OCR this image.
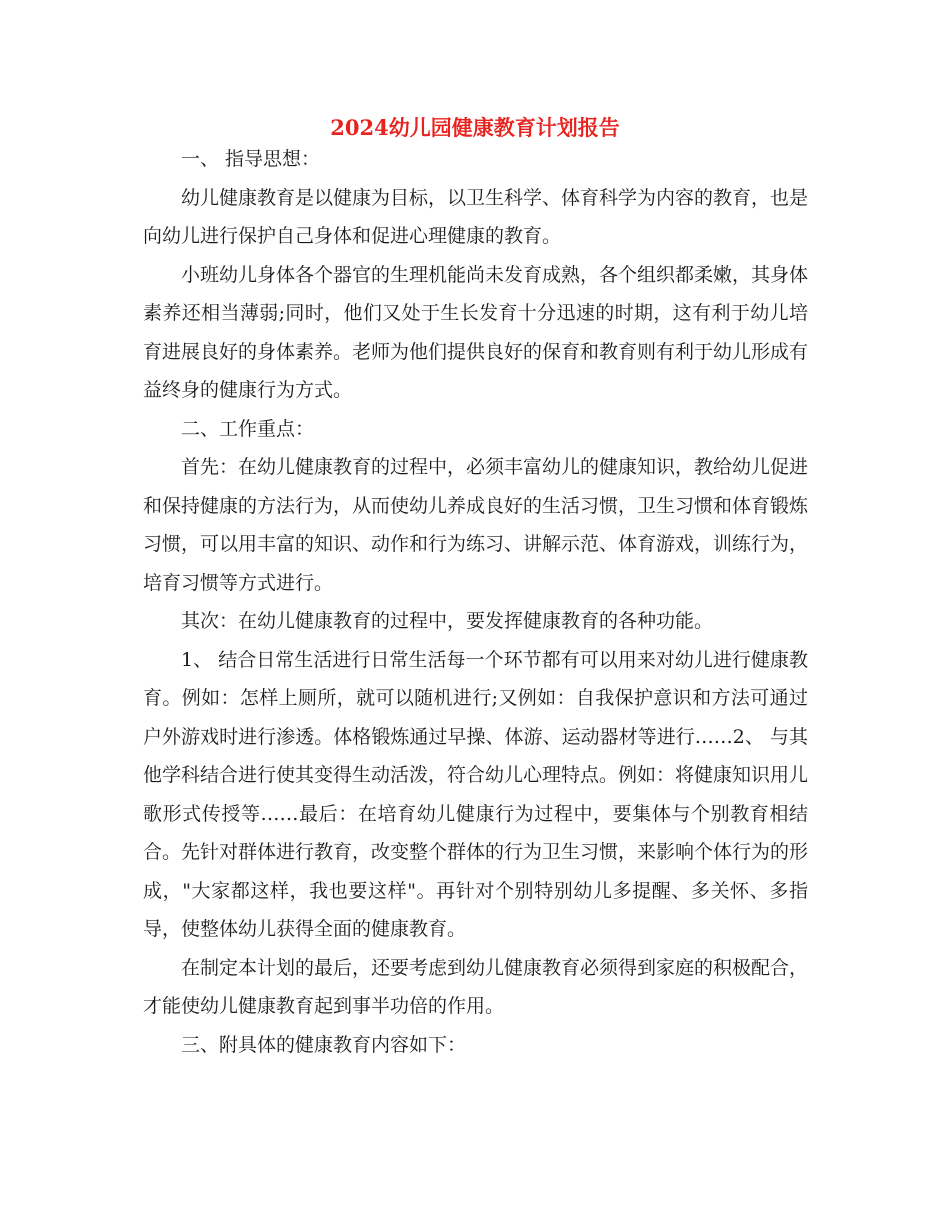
2024幼儿园健康教育计划报告

一、 指导思想：

幼儿健康教育是以健康为目标，以卫生科学、体育科学为内容的教育，也是向幼儿进行保护自己身体和促进心理健康的教育。

小班幼儿身体各个器官的生理机能尚未发育成熟，各个组织都柔嫩，其身体素养还相当薄弱;同时，他们又处于生长发育十分迅速的时期，这有利于幼儿培育进展良好的身体素养。老师为他们提供良好的保育和教育则有利于幼儿形成有益终身的健康行为方式。

二、工作重点：

首先：在幼儿健康教育的过程中，必须丰富幼儿的健康知识，教给幼儿促进和保持健康的方法行为，从而使幼儿养成良好的生活习惯，卫生习惯和体育锻炼习惯，可以用丰富的知识、动作和行为练习、讲解示范、体育游戏，训练行为，培育习惯等方式进行。

其次：在幼儿健康教育的过程中，要发挥健康教育的各种功能。

1、 结合日常生活进行日常生活每一个环节都有可以用来对幼儿进行健康教育。例如：怎样上厕所，就可以随机进行;又例如：自我保护意识和方法可通过户外游戏时进行渗透。体格锻炼通过早操、体游、运动器材等进行……2、 与其他学科结合进行使其变得生动活泼，符合幼儿心理特点。例如：将健康知识用儿歌形式传授等……最后：在培育幼儿健康行为过程中，要集体与个别教育相结合。先针对群体进行教育，改变整个群体的行为卫生习惯，来影响个体行为的形成，"大家都这样，我也要这样"。再针对个别特别幼儿多提醒、多关怀、多指导，使整体幼儿获得全面的健康教育。

在制定本计划的最后，还要考虑到幼儿健康教育必须得到家庭的积极配合，才能使幼儿健康教育起到事半功倍的作用。

三、附具体的健康教育内容如下：
